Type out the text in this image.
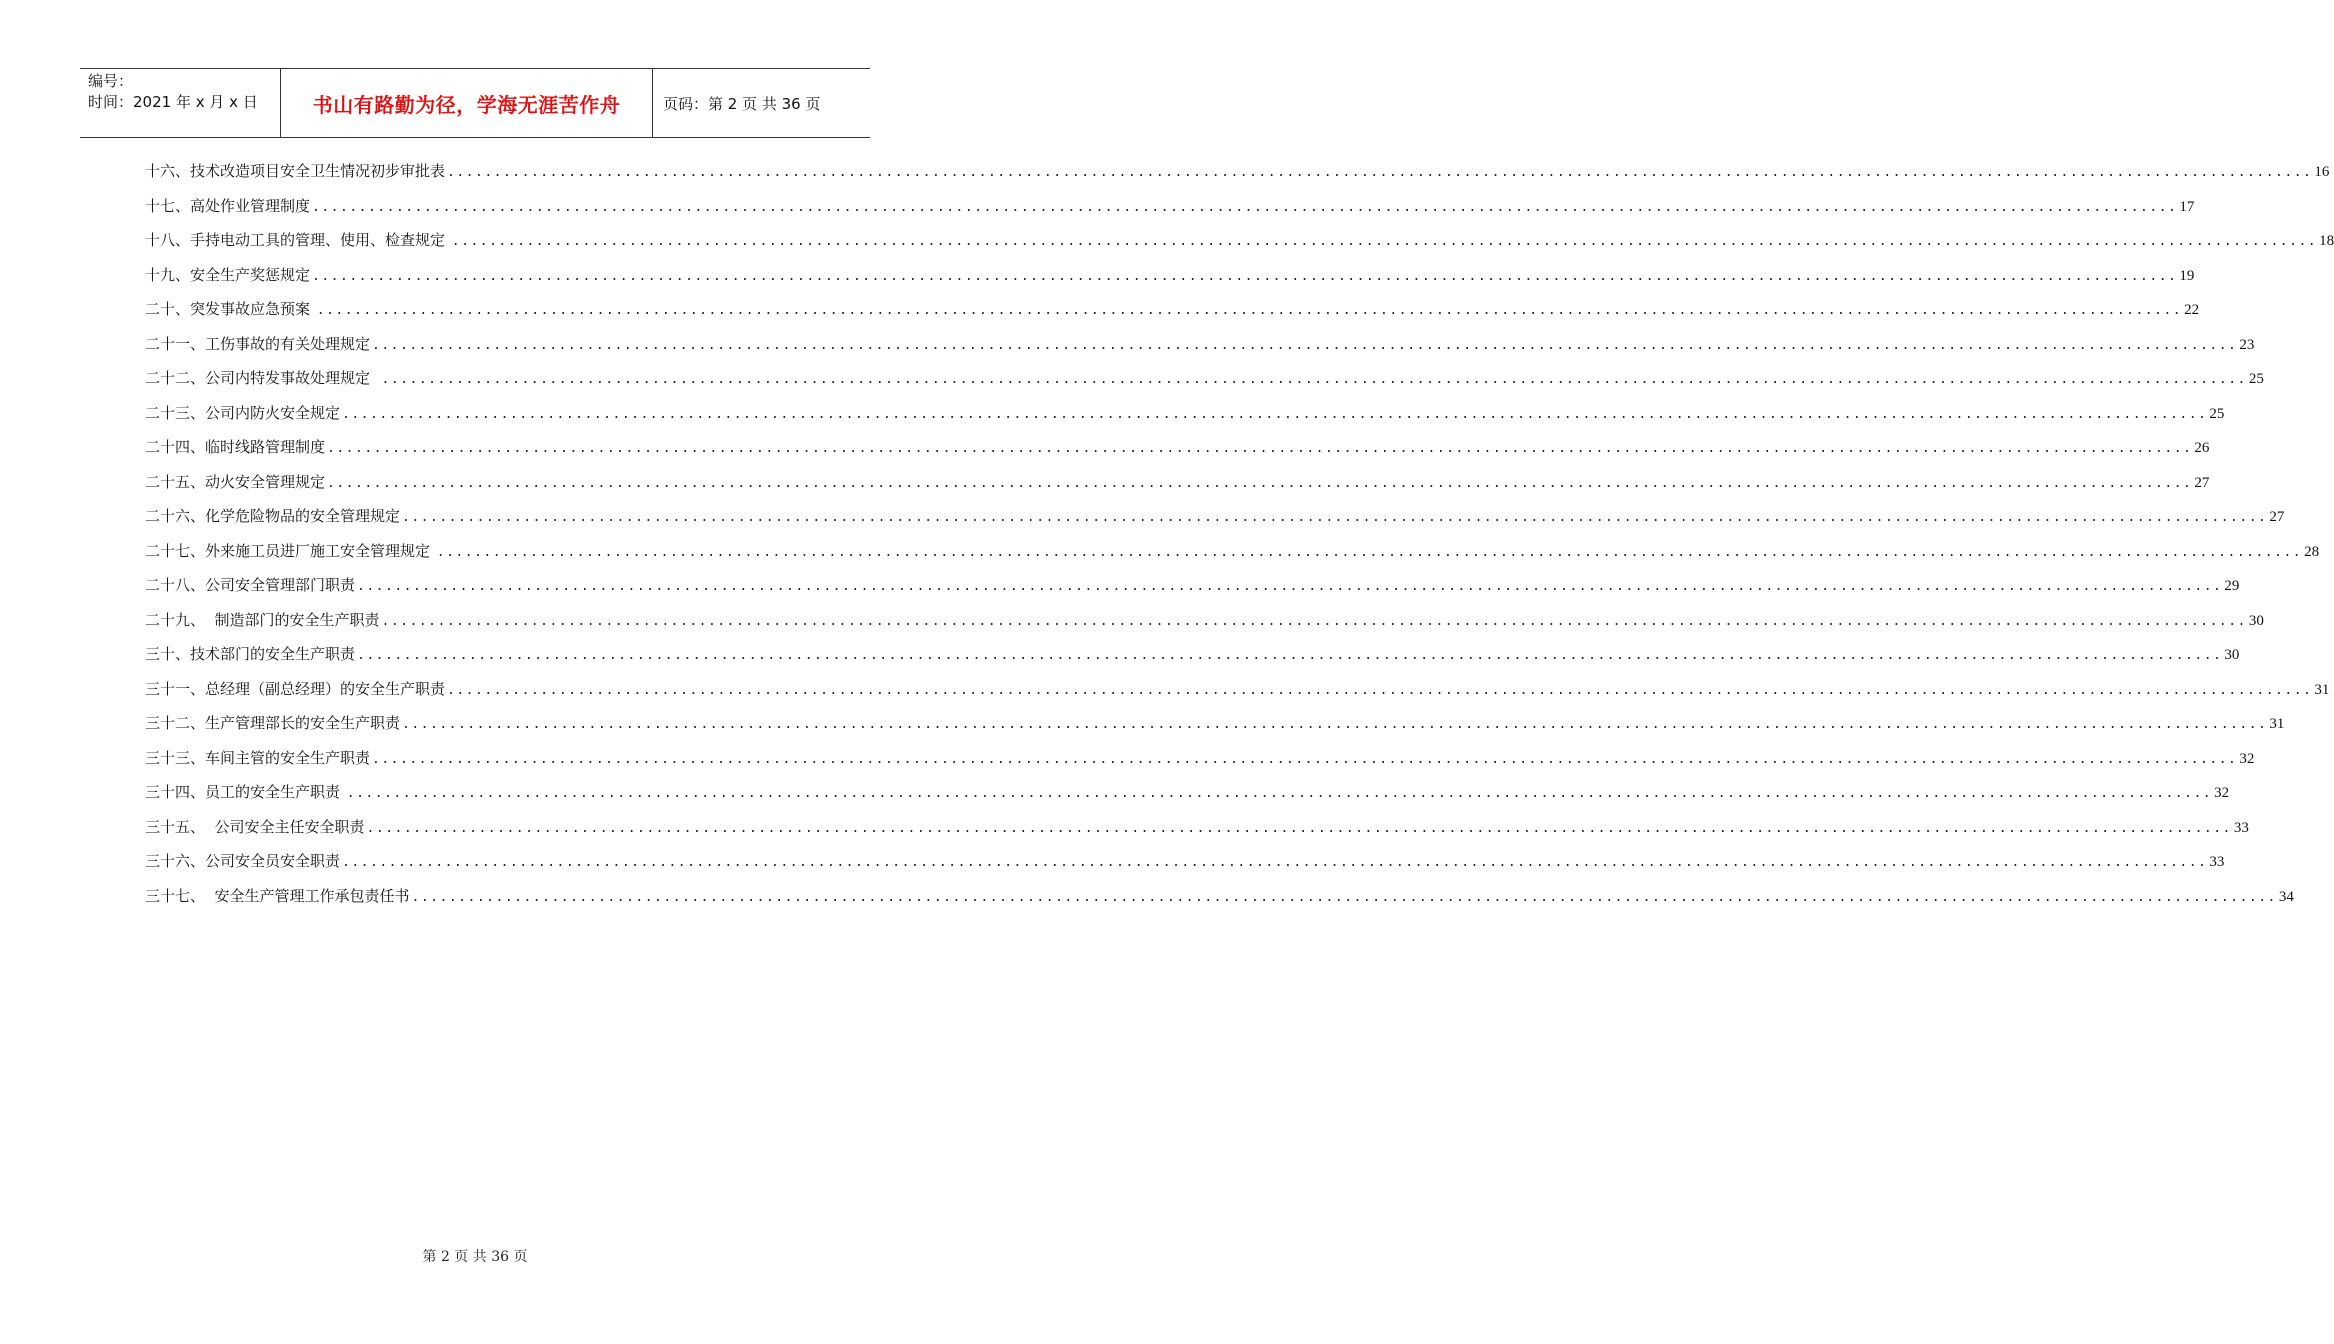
编号：
时间：2021 年 x 月 x 日	书山有路勤为径，学海无涯苦作舟	页码：第 2 页 共 36 页
十六、技术改造项目安全卫生情况初步审批表 ........................................................................................................................................................................................................ 16
十七、高处作业管理制度 ........................................................................................................................................................................................................ 17
十八、手持电动工具的管理、使用、检查规定 ........................................................................................................................................................................................................ 18
十九、安全生产奖惩规定 ........................................................................................................................................................................................................ 19
二十、突发事故应急预案 ........................................................................................................................................................................................................ 22
二十一、工伤事故的有关处理规定 ........................................................................................................................................................................................................ 23
二十二、公司内特发事故处理规定 ........................................................................................................................................................................................................ 25
二十三、公司内防火安全规定 ........................................................................................................................................................................................................ 25
二十四、临时线路管理制度 ........................................................................................................................................................................................................ 26
二十五、动火安全管理规定 ........................................................................................................................................................................................................ 27
二十六、化学危险物品的安全管理规定 ........................................................................................................................................................................................................ 27
二十七、外来施工员进厂施工安全管理规定 ........................................................................................................................................................................................................ 28
二十八、公司安全管理部门职责 ........................................................................................................................................................................................................ 29
二十九、  制造部门的安全生产职责 ........................................................................................................................................................................................................ 30
三十、技术部门的安全生产职责 ........................................................................................................................................................................................................ 30
三十一、总经理（副总经理）的安全生产职责 ........................................................................................................................................................................................................ 31
三十二、生产管理部长的安全生产职责 ........................................................................................................................................................................................................ 31
三十三、车间主管的安全生产职责 ........................................................................................................................................................................................................ 32
三十四、员工的安全生产职责 ........................................................................................................................................................................................................ 32
三十五、  公司安全主任安全职责 ........................................................................................................................................................................................................ 33
三十六、公司安全员安全职责 ........................................................................................................................................................................................................ 33
三十七、  安全生产管理工作承包责任书 ........................................................................................................................................................................................................ 34
第 2 页 共 36 页
